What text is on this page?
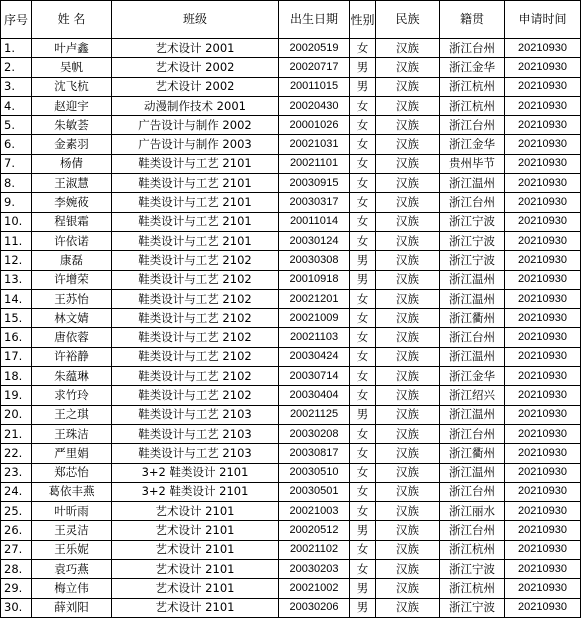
序号	姓 名	班级	出生日期	性别	民族	籍贯	申请时间
1.	叶卢鑫	艺术设计 2001	20020519	女	汉族	浙江台州	20210930
2.	吴帆	艺术设计 2002	20020717	男	汉族	浙江金华	20210930
3.	沈飞杭	艺术设计 2002	20011015	男	汉族	浙江杭州	20210930
4.	赵迎宇	动漫制作技术 2001	20020430	女	汉族	浙江杭州	20210930
5.	朱敏荟	广告设计与制作 2002	20001026	女	汉族	浙江台州	20210930
6.	金素羽	广告设计与制作 2003	20021031	女	汉族	浙江金华	20210930
7.	杨倩	鞋类设计与工艺 2101	20021101	女	汉族	贵州毕节	20210930
8.	王淑慧	鞋类设计与工艺 2101	20030915	女	汉族	浙江温州	20210930
9.	李婉莜	鞋类设计与工艺 2101	20030317	女	汉族	浙江台州	20210930
10.	程银霜	鞋类设计与工艺 2101	20011014	女	汉族	浙江宁波	20210930
11.	许依诺	鞋类设计与工艺 2101	20030124	女	汉族	浙江宁波	20210930
12.	康磊	鞋类设计与工艺 2102	20030308	男	汉族	浙江宁波	20210930
13.	许增荣	鞋类设计与工艺 2102	20010918	男	汉族	浙江温州	20210930
14.	王苏怡	鞋类设计与工艺 2102	20021201	女	汉族	浙江温州	20210930
15.	林文婧	鞋类设计与工艺 2102	20021009	女	汉族	浙江衢州	20210930
16.	唐依蓉	鞋类设计与工艺 2102	20021103	女	汉族	浙江台州	20210930
17.	许裕静	鞋类设计与工艺 2102	20030424	女	汉族	浙江温州	20210930
18.	朱蕴琳	鞋类设计与工艺 2102	20030714	女	汉族	浙江金华	20210930
19.	求竹玲	鞋类设计与工艺 2102	20030404	女	汉族	浙江绍兴	20210930
20.	王之琪	鞋类设计与工艺 2103	20021125	男	汉族	浙江温州	20210930
21.	王珠洁	鞋类设计与工艺 2103	20030208	女	汉族	浙江台州	20210930
22.	严里娟	鞋类设计与工艺 2103	20030817	女	汉族	浙江衢州	20210930
23.	郑芯怡	3+2 鞋类设计 2101	20030510	女	汉族	浙江温州	20210930
24.	葛依丰燕	3+2 鞋类设计 2101	20030501	女	汉族	浙江台州	20210930
25.	叶昕雨	艺术设计 2101	20021003	女	汉族	浙江丽水	20210930
26.	王灵洁	艺术设计 2101	20020512	男	汉族	浙江台州	20210930
27.	王乐妮	艺术设计 2101	20021102	女	汉族	浙江杭州	20210930
28.	袁巧燕	艺术设计 2101	20030203	女	汉族	浙江宁波	20210930
29.	梅立伟	艺术设计 2101	20021002	男	汉族	浙江杭州	20210930
30.	薛刘阳	艺术设计 2101	20030206	男	汉族	浙江宁波	20210930
